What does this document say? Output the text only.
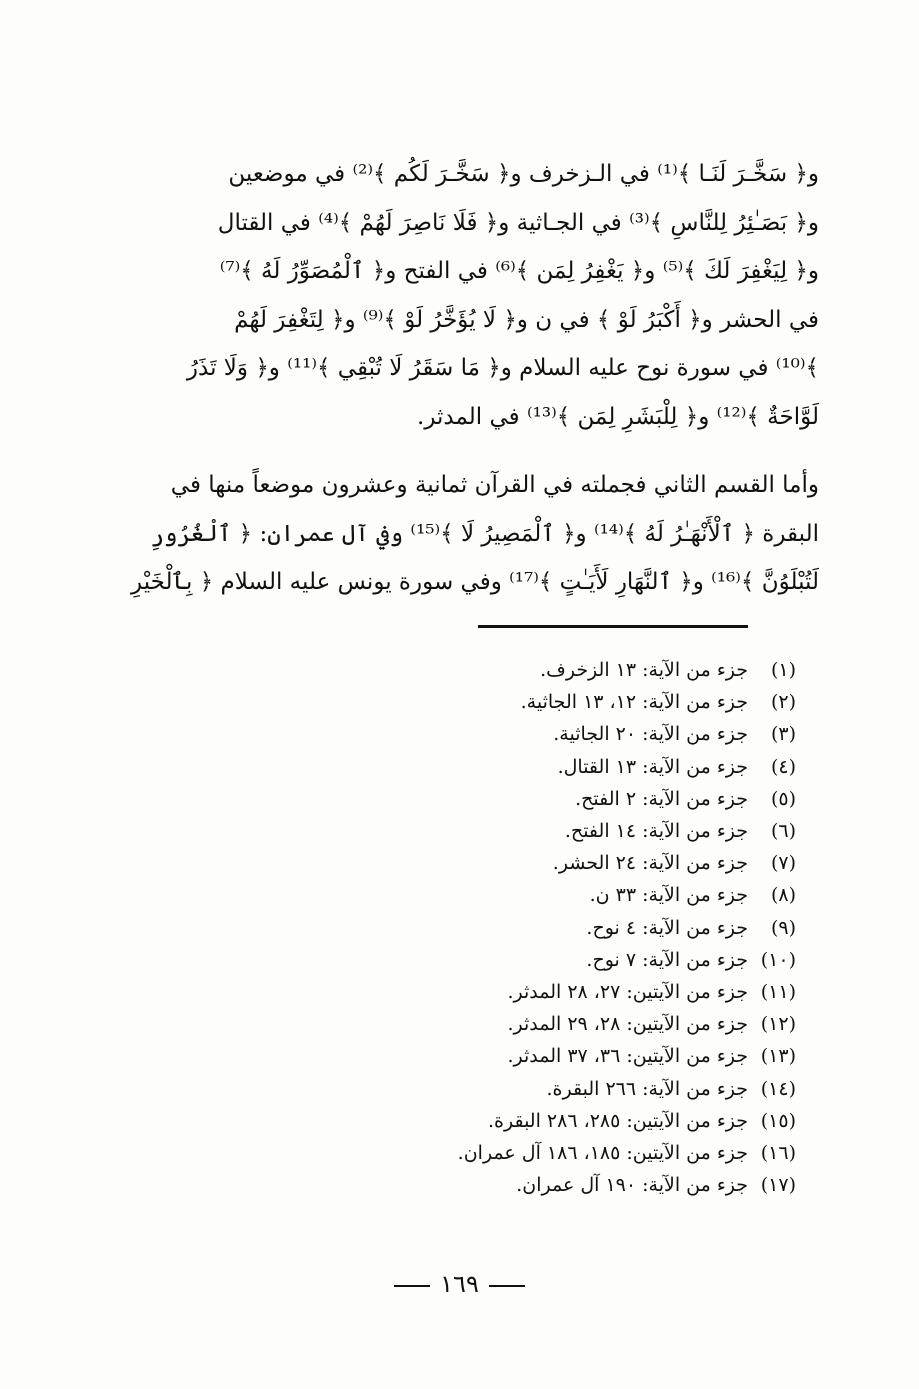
و﴿ سَخَّـرَ لَنَـا ﴾⁽¹⁾ في الـزخرف و﴿ سَخَّـرَ لَكُم ﴾⁽²⁾ في موضعين
و﴿ بَصَـٰئِرُ لِلنَّاسِ ﴾⁽³⁾ في الجـاثية و﴿ فَلَا نَاصِرَ لَهُمْ ﴾⁽⁴⁾ في القتال
و﴿ لِيَغْفِرَ لَكَ ﴾⁽⁵⁾ و﴿ يَغْفِرُ لِمَن ﴾⁽⁶⁾ في الفتح و﴿ ٱلْمُصَوِّرُ لَهُ ﴾⁽⁷⁾
في الحشر و﴿ أَكْبَرُ لَوْ ﴾ في ن و﴿ لَا يُؤَخَّرُ لَوْ ﴾⁽⁹⁾ و﴿ لِتَغْفِرَ لَهُمْ
﴾⁽¹⁰⁾ في سورة نوح عليه السلام و﴿ مَا سَقَرُ لَا تُبْقِي ﴾⁽¹¹⁾ و﴿ وَلَا تَذَرُ
لَوَّاحَةٌ ﴾⁽¹²⁾ و﴿ لِلْبَشَرِ لِمَن ﴾⁽¹³⁾ في المدثر.
وأما القسم الثاني فجملته في القرآن ثمانية وعشرون موضعاً منها في
البقرة ﴿ ٱلْأَنْهَـٰرُ لَهُ ﴾⁽¹⁴⁾ و﴿ ٱلْمَصِيرُ لَا ﴾⁽¹⁵⁾ وفي آل عمران: ﴿ ٱلْغُرُورِ
لَتُبْلَوُنَّ ﴾⁽¹⁶⁾ و﴿ ٱلنَّهَارِ لَأَيَـٰتٍ ﴾⁽¹⁷⁾ وفي سورة يونس عليه السلام ﴿ بِٱلْخَيْرِ
(١)
جزء من الآية: ١٣ الزخرف.
(٢)
جزء من الآية: ١٢، ١٣ الجاثية.
(٣)
جزء من الآية: ٢٠ الجاثية.
(٤)
جزء من الآية: ١٣ القتال.
(٥)
جزء من الآية: ٢ الفتح.
(٦)
جزء من الآية: ١٤ الفتح.
(٧)
جزء من الآية: ٢٤ الحشر.
(٨)
جزء من الآية: ٣٣ ن.
(٩)
جزء من الآية: ٤ نوح.
(١٠)
جزء من الآية: ٧ نوح.
(١١)
جزء من الآيتين: ٢٧، ٢٨ المدثر.
(١٢)
جزء من الآيتين: ٢٨، ٢٩ المدثر.
(١٣)
جزء من الآيتين: ٣٦، ٣٧ المدثر.
(١٤)
جزء من الآية: ٢٦٦ البقرة.
(١٥)
جزء من الآيتين: ٢٨٥، ٢٨٦ البقرة.
(١٦)
جزء من الآيتين: ١٨٥، ١٨٦ آل عمران.
(١٧)
جزء من الآية: ١٩٠ آل عمران.
١٦٩
